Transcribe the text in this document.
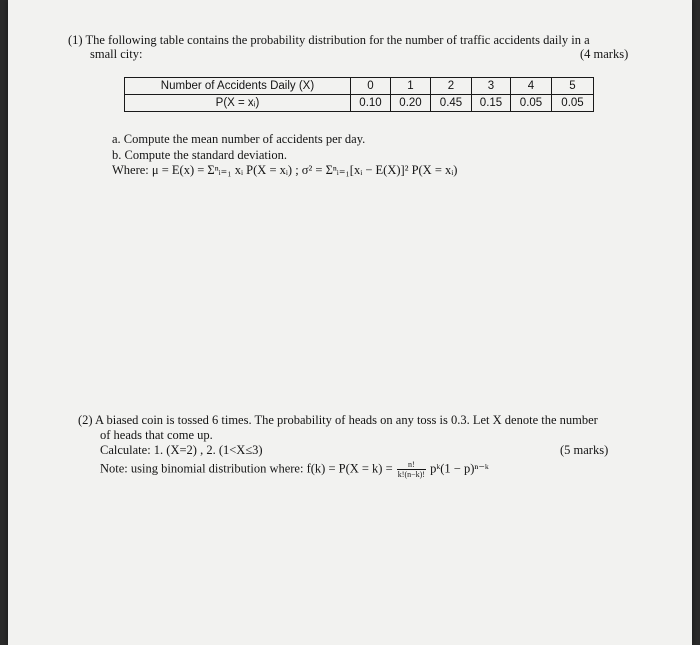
(1) The following table contains the probability distribution for the number of traffic accidents daily in a
small city:	(4 marks)
Number of Accidents Daily (X)	0	1	2	3	4	5
P(X = xᵢ)	0.10	0.20	0.45	0.15	0.05	0.05
a. Compute the mean number of accidents per day.
b. Compute the standard deviation.
Where: μ = E(x) = Σⁿᵢ₌₁ xᵢ P(X = xᵢ) ; σ² = Σⁿᵢ₌₁[xᵢ − E(X)]² P(X = xᵢ)
(2) A biased coin is tossed 6 times. The probability of heads on any toss is 0.3. Let X denote the number
of heads that come up.
Calculate: 1. (X=2) , 2. (1<X≤3)	(5 marks)
Note: using binomial distribution where: $f(k) = P(X = k) = \frac{n!}{k!(n-k)!}$ pᵏ(1 − p)ⁿ⁻ᵏ
